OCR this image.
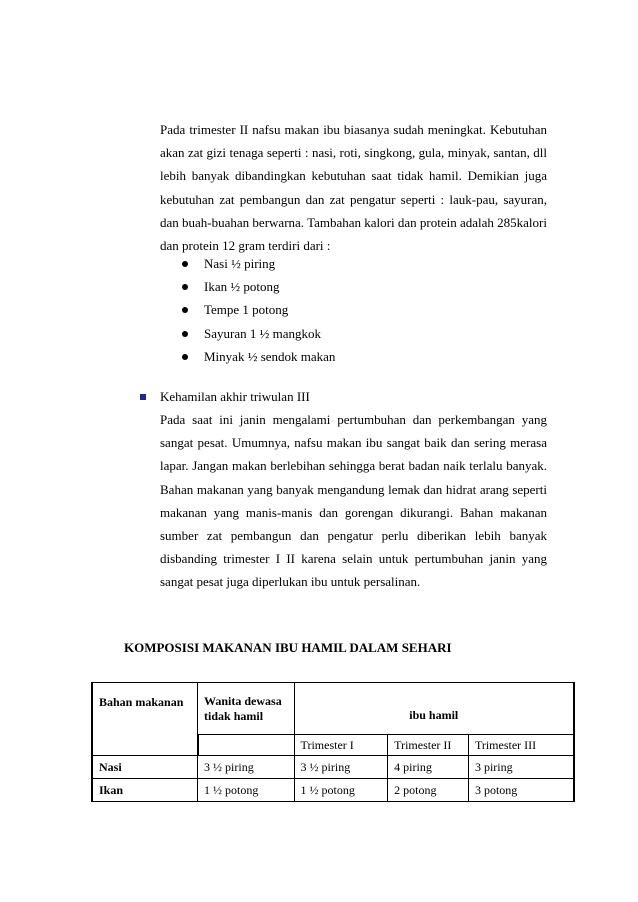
Pada trimester II nafsu makan ibu biasanya sudah meningkat. Kebutuhan akan zat gizi tenaga seperti : nasi, roti, singkong, gula, minyak, santan, dll lebih banyak dibandingkan kebutuhan saat tidak hamil. Demikian juga kebutuhan zat pembangun dan zat pengatur seperti : lauk-pau, sayuran, dan buah-buahan berwarna. Tambahan kalori dan protein adalah 285kalori dan protein 12 gram terdiri dari :

Nasi ½ piring
Ikan ½ potong
Tempe 1 potong
Sayuran 1 ½ mangkok
Minyak ½ sendok makan
Kehamilan akhir triwulan III

Pada saat ini janin mengalami pertumbuhan dan perkembangan yang sangat pesat. Umumnya, nafsu makan ibu sangat baik dan sering merasa lapar. Jangan makan berlebihan sehingga berat badan naik terlalu banyak. Bahan makanan yang banyak mengandung lemak dan hidrat arang seperti makanan yang manis-manis dan gorengan dikurangi. Bahan makanan sumber zat pembangun dan pengatur perlu diberikan lebih banyak disbanding trimester I II karena selain untuk pertumbuhan janin yang sangat pesat juga diperlukan ibu untuk persalinan.

KOMPOSISI MAKANAN IBU HAMIL DALAM SEHARI
Bahan makanan	Wanita dewasa tidak hamil	ibu hamil		
		Trimester I	Trimester II	Trimester III
Nasi	3 ½ piring	3 ½ piring	4 piring	3 piring
Ikan	1 ½ potong	1 ½ potong	2 potong	3 potong
